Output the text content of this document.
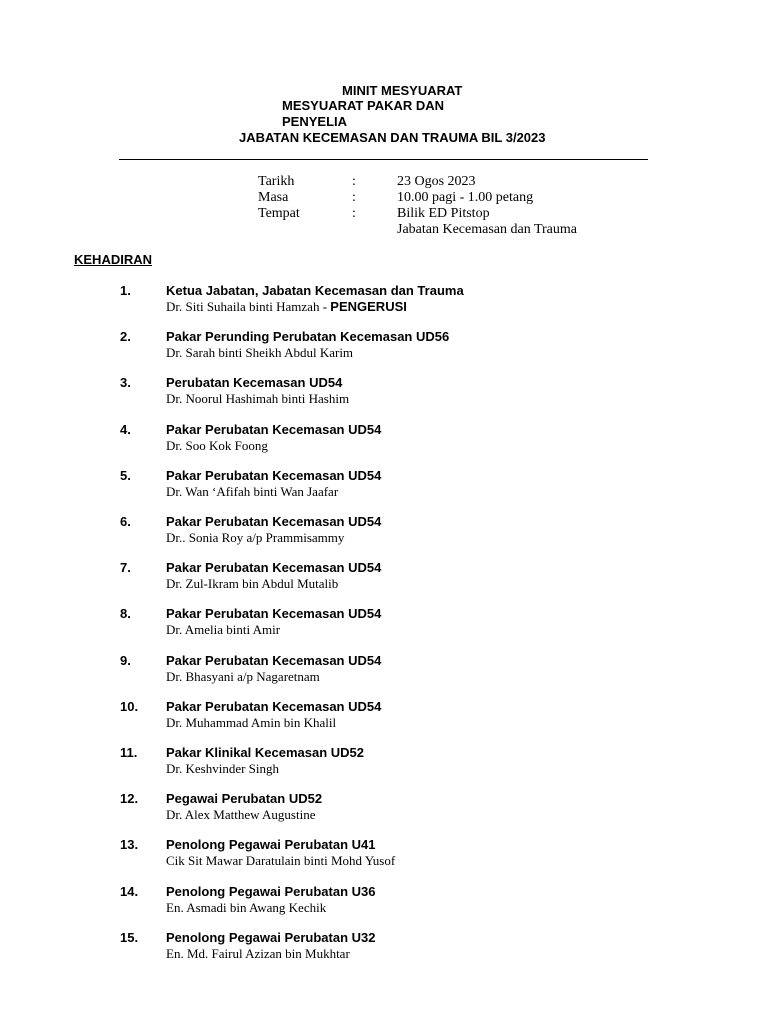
MINIT MESYUARAT
MESYUARAT PAKAR DAN
PENYELIA
JABATAN KECEMASAN DAN TRAUMA BIL 3/2023
Tarikh	:	23 Ogos 2023
Masa	:	10.00 pagi - 1.00 petang
Tempat	:	Bilik ED Pitstop
Jabatan Kecemasan dan Trauma
KEHADIRAN
1.	Ketua Jabatan, Jabatan Kecemasan dan Trauma
Dr. Siti Suhaila binti Hamzah - PENGERUSI
2.	Pakar Perunding Perubatan Kecemasan UD56
Dr. Sarah binti Sheikh Abdul Karim
3.	Perubatan Kecemasan UD54
Dr. Noorul Hashimah binti Hashim
4.	Pakar Perubatan Kecemasan UD54
Dr. Soo Kok Foong
5.	Pakar Perubatan Kecemasan UD54
Dr. Wan ‘Afifah binti Wan Jaafar
6.	Pakar Perubatan Kecemasan UD54
Dr.. Sonia Roy a/p Prammisammy
7.	Pakar Perubatan Kecemasan UD54
Dr. Zul-Ikram bin Abdul Mutalib
8.	Pakar Perubatan Kecemasan UD54
Dr. Amelia binti Amir
9.	Pakar Perubatan Kecemasan UD54
Dr. Bhasyani a/p Nagaretnam
10. Pakar Perubatan Kecemasan UD54
Dr. Muhammad Amin bin Khalil
11. Pakar Klinikal Kecemasan UD52
Dr. Keshvinder Singh
12. Pegawai Perubatan UD52
Dr. Alex Matthew Augustine
13. Penolong Pegawai Perubatan U41
Cik Sit Mawar Daratulain binti Mohd Yusof
14. Penolong Pegawai Perubatan U36
En. Asmadi bin Awang Kechik
15. Penolong Pegawai Perubatan U32
En. Md. Fairul Azizan bin Mukhtar
